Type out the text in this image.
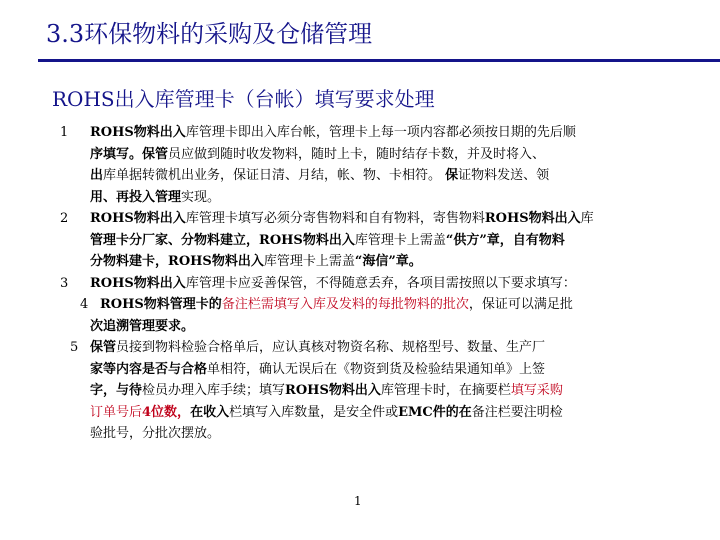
3.3环保物料的采购及仓储管理
ROHS出入库管理卡（台帐）填写要求处理
1 ROHS物料出入库管理卡即出入库台帐，管理卡上每一项内容都必须按日期的先后顺
序填写。保管员应做到随时收发物料，随时上卡，随时结存卡数，并及时将入、
出库单据转微机出业务，保证日清、月结，帐、物、卡相符。 保证物料发送、领
用、再投入管理实现。
2 ROHS物料出入库管理卡填写必须分寄售物料和自有物料，寄售物料ROHS物料出入库
管理卡分厂家、分物料建立，ROHS物料出入库管理卡上需盖“供方”章，自有物料
分物料建卡，ROHS物料出入库管理卡上需盖“海信”章。
3 ROHS物料出入库管理卡应妥善保管，不得随意丢弃，各项目需按照以下要求填写：
4 ROHS物料管理卡的备注栏需填写入库及发料的每批物料的批次，保证可以满足批
次追溯管理要求。
5 保管员接到物料检验合格单后，应认真核对物资名称、规格型号、数量、生产厂
家等内容是否与合格单相符，确认无误后在《物资到货及检验结果通知单》上签
字，与待检员办理入库手续；填写ROHS物料出入库管理卡时，在摘要栏填写采购
订单号后4位数，在收入栏填写入库数量，是安全件或EMC件的在备注栏要注明检
验批号，分批次摆放。
1
